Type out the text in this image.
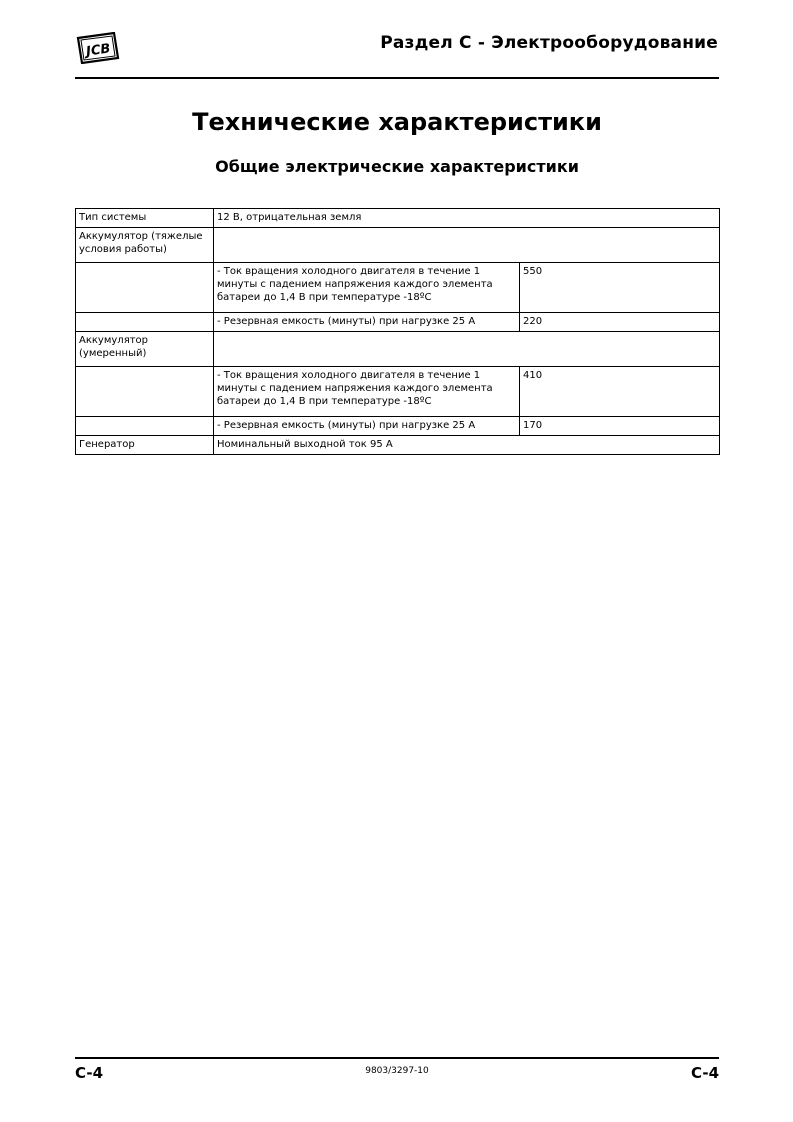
JCB	Раздел C - Электрооборудование
Технические характеристики
Общие электрические характеристики
Тип системы	12 В, отрицательная земля	
Аккумулятор (тяжелые условия работы)		
	- Ток вращения холодного двигателя в течение 1 минуты с падением напряжения каждого элемента батареи до 1,4 В при температуре -18ºC	550
	- Резервная емкость (минуты) при нагрузке 25 А	220
Аккумулятор (умеренный)		
	- Ток вращения холодного двигателя в течение 1 минуты с падением напряжения каждого элемента батареи до 1,4 В при температуре -18ºC	410
	- Резервная емкость (минуты) при нагрузке 25 А	170
Генератор	Номинальный выходной ток 95 А	
C-4	9803/3297-10	C-4
